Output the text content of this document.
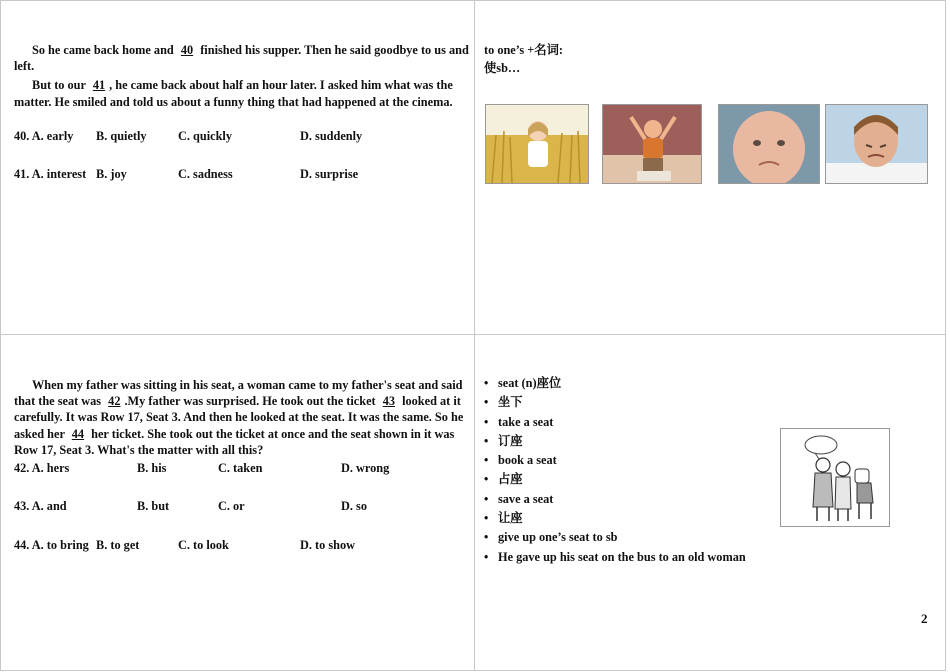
So he came back home and 40 finished his supper. Then he said goodbye to us and left.

But to our 41 , he came back about half an hour later. I asked him what was the matter. He smiled and told us about a funny thing that had happened at the cinema.

40. A. early B. quietly	C. quickly	D. suddenly
41. A. interest B. joy	C. sadness	D. surprise
to one’s +名词:
使sb…

When my father was sitting in his seat, a woman came to my father's seat and said that the seat was 42 .My father was surprised. He took out the ticket 43 looked at it carefully. It was Row 17, Seat 3. And then he looked at the seat. It was the same. So he asked her 44 her ticket. She took out the ticket at once and the seat shown in it was Row 17, Seat 3. What's the matter with all this?

42. A. hers	B. his	C. taken	D. wrong
43. A. and	B. but	C. or	D. so
44. A. to bring B. to get	C. to look	D. to show
• seat (n)座位
• 坐下
• take a seat
• 订座
• book a seat
• 占座
• save a seat
• 让座
• give up one’s seat to sb
• He gave up his seat on the bus to an old woman
2
